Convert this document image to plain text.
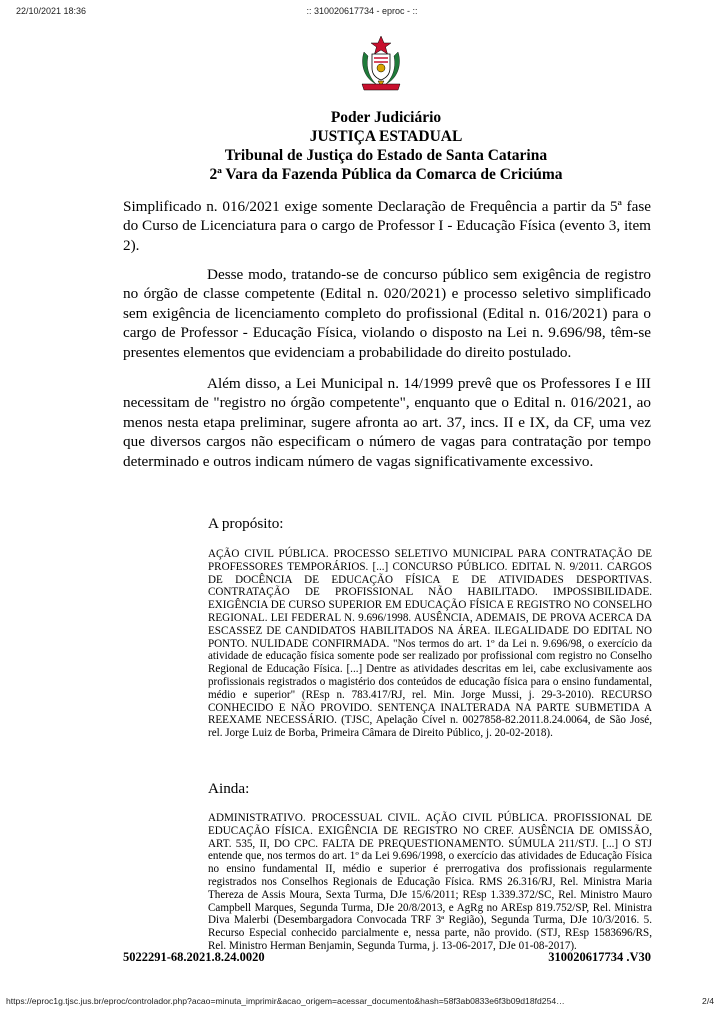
22/10/2021 18:36	:: 310020617734 - eproc - ::
Poder Judiciário
JUSTIÇA ESTADUAL
Tribunal de Justiça do Estado de Santa Catarina
2ª Vara da Fazenda Pública da Comarca de Criciúma

Simplificado n. 016/2021 exige somente Declaração de Frequência a partir da 5ª fase do Curso de Licenciatura para o cargo de Professor I - Educação Física (evento 3, item 2).

Desse modo, tratando-se de concurso público sem exigência de registro no órgão de classe competente (Edital n. 020/2021) e processo seletivo simplificado sem exigência de licenciamento completo do profissional (Edital n. 016/2021) para o cargo de Professor - Educação Física, violando o disposto na Lei n. 9.696/98, têm-se presentes elementos que evidenciam a probabilidade do direito postulado.

Além disso, a Lei Municipal n. 14/1999 prevê que os Professores I e III necessitam de "registro no órgão competente", enquanto que o Edital n. 016/2021, ao menos nesta etapa preliminar, sugere afronta ao art. 37, incs. II e IX, da CF, uma vez que diversos cargos não especificam o número de vagas para contratação por tempo determinado e outros indicam número de vagas significativamente excessivo.

A propósito:

AÇÃO CIVIL PÚBLICA. PROCESSO SELETIVO MUNICIPAL PARA CONTRATAÇÃO DE PROFESSORES TEMPORÁRIOS. [...] CONCURSO PÚBLICO. EDITAL N. 9/2011. CARGOS DE DOCÊNCIA DE EDUCAÇÃO FÍSICA E DE ATIVIDADES DESPORTIVAS. CONTRATAÇÃO DE PROFISSIONAL NÃO HABILITADO. IMPOSSIBILIDADE. EXIGÊNCIA DE CURSO SUPERIOR EM EDUCAÇÃO FÍSICA E REGISTRO NO CONSELHO REGIONAL. LEI FEDERAL N. 9.696/1998. AUSÊNCIA, ADEMAIS, DE PROVA ACERCA DA ESCASSEZ DE CANDIDATOS HABILITADOS NA ÁREA. ILEGALIDADE DO EDITAL NO PONTO. NULIDADE CONFIRMADA. "Nos termos do art. 1º da Lei n. 9.696/98, o exercício da atividade de educação física somente pode ser realizado por profissional com registro no Conselho Regional de Educação Física. [...] Dentre as atividades descritas em lei, cabe exclusivamente aos profissionais registrados o magistério dos conteúdos de educação física para o ensino fundamental, médio e superior" (REsp n. 783.417/RJ, rel. Min. Jorge Mussi, j. 29-3-2010). RECURSO CONHECIDO E NÃO PROVIDO. SENTENÇA INALTERADA NA PARTE SUBMETIDA A REEXAME NECESSÁRIO. (TJSC, Apelação Cível n. 0027858-82.2011.8.24.0064, de São José, rel. Jorge Luiz de Borba, Primeira Câmara de Direito Público, j. 20-02-2018).

Ainda:

ADMINISTRATIVO. PROCESSUAL CIVIL. AÇÃO CIVIL PÚBLICA. PROFISSIONAL DE EDUCAÇÃO FÍSICA. EXIGÊNCIA DE REGISTRO NO CREF. AUSÊNCIA DE OMISSÃO, ART. 535, II, DO CPC. FALTA DE PREQUESTIONAMENTO. SÚMULA 211/STJ. [...] O STJ entende que, nos termos do art. 1º da Lei 9.696/1998, o exercício das atividades de Educação Física no ensino fundamental II, médio e superior é prerrogativa dos profissionais regularmente registrados nos Conselhos Regionais de Educação Física. RMS 26.316/RJ, Rel. Ministra Maria Thereza de Assis Moura, Sexta Turma, DJe 15/6/2011; REsp 1.339.372/SC, Rel. Ministro Mauro Campbell Marques, Segunda Turma, DJe 20/8/2013, e AgRg no AREsp 819.752/SP, Rel. Ministra Diva Malerbi (Desembargadora Convocada TRF 3ª Região), Segunda Turma, DJe 10/3/2016. 5. Recurso Especial conhecido parcialmente e, nessa parte, não provido. (STJ, REsp 1583696/RS, Rel. Ministro Herman Benjamin, Segunda Turma, j. 13-06-2017, DJe 01-08-2017).

5022291-68.2021.8.24.0020	310020617734 .V30
https://eproc1g.tjsc.jus.br/eproc/controlador.php?acao=minuta_imprimir&acao_origem=acessar_documento&hash=58f3ab0833e6f3b09d18fd254…	2/4
